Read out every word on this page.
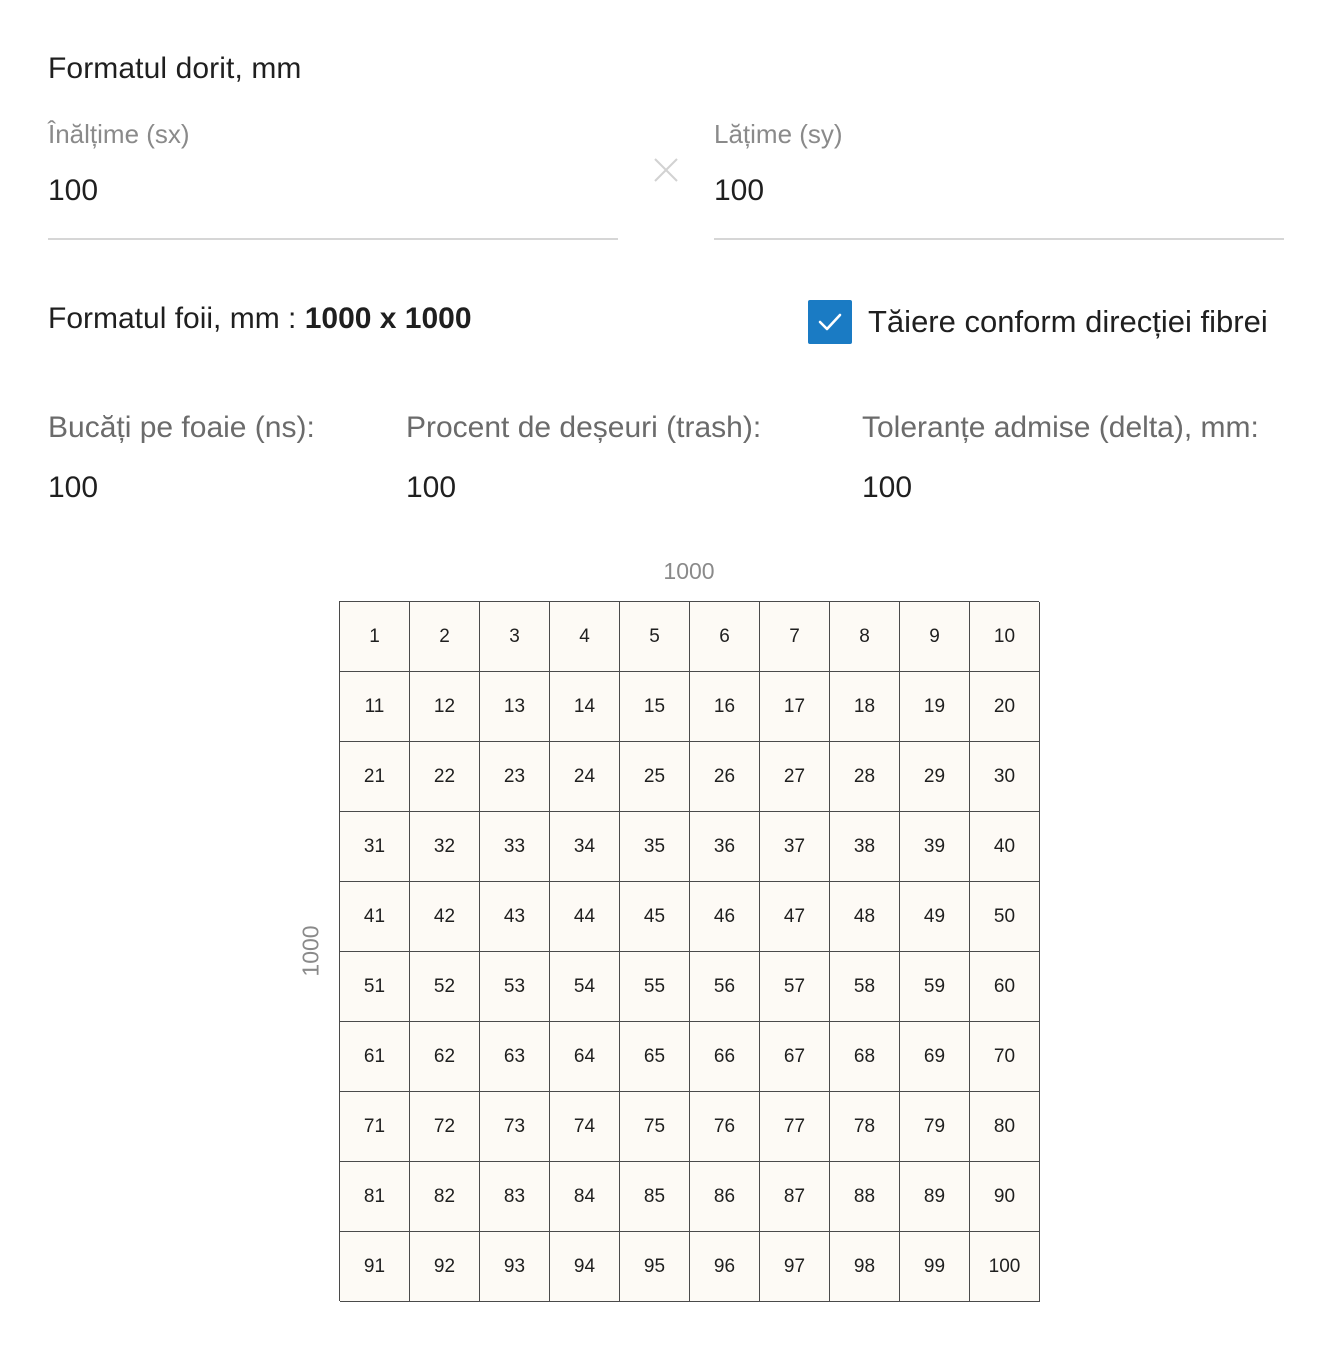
Formatul dorit, mm
Înălțime (sx)
100	Lățime (sy)
100
Formatul foii, mm : 1000 x 1000	Tăiere conform direcției fibrei
Bucăți pe foaie (ns):
100
Procent de deșeuri (trash):
100
Toleranțe admise (delta), mm:
100
1000
1000
1	2	3	4	5	6	7	8	9	10
11	12	13	14	15	16	17	18	19	20
21	22	23	24	25	26	27	28	29	30
31	32	33	34	35	36	37	38	39	40
41	42	43	44	45	46	47	48	49	50
51	52	53	54	55	56	57	58	59	60
61	62	63	64	65	66	67	68	69	70
71	72	73	74	75	76	77	78	79	80
81	82	83	84	85	86	87	88	89	90
91	92	93	94	95	96	97	98	99	100
